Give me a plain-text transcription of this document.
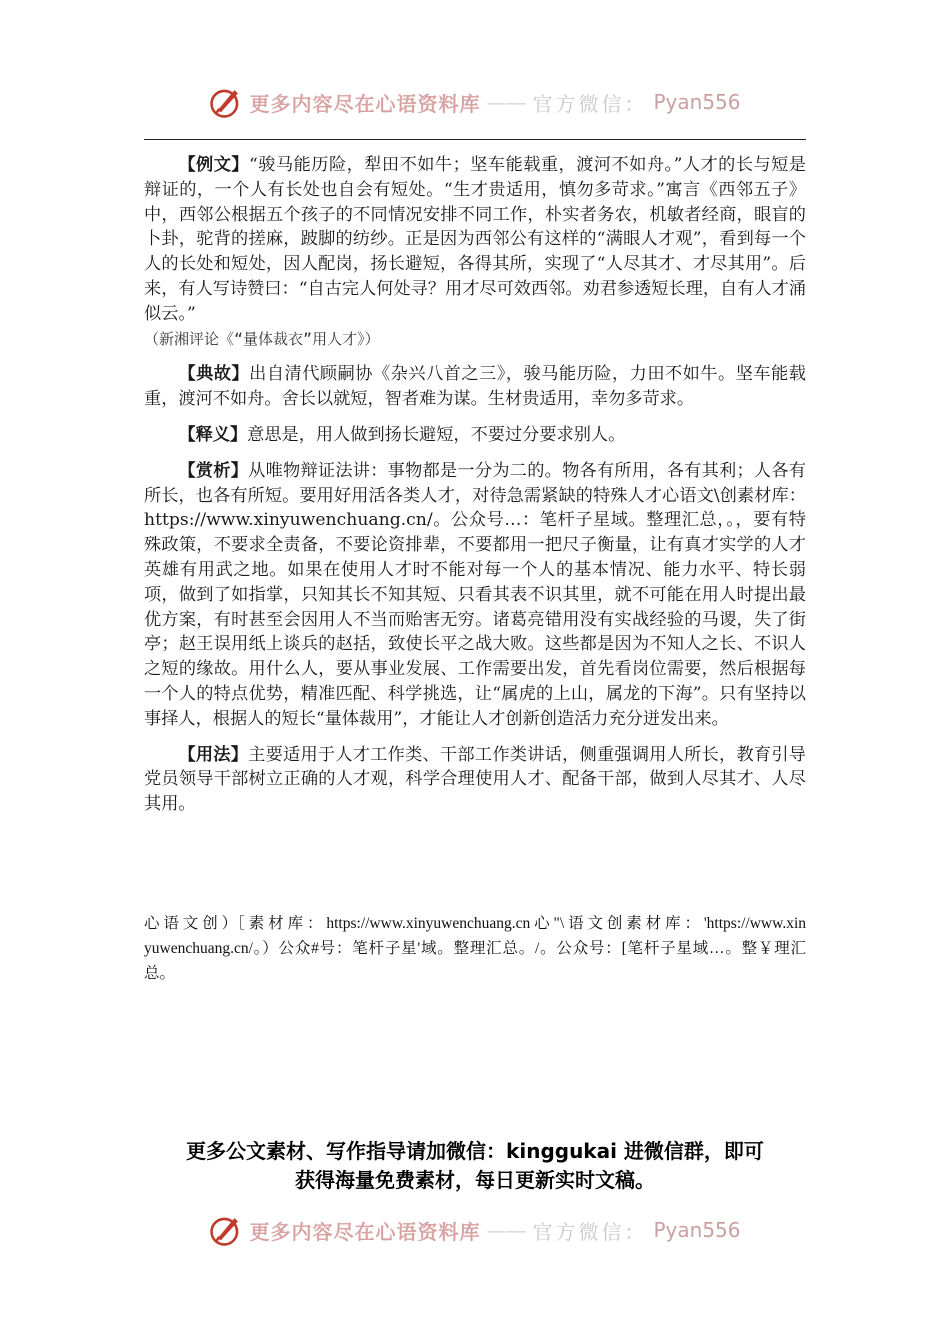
更多内容尽在心语资料库 —— 官方微信： Pyan556

【例文】“骏马能历险，犁田不如牛；坚车能载重，渡河不如舟。”人才的长与短是辩证的，一个人有长处也自会有短处。“生才贵适用，慎勿多苛求。”寓言《西邻五子》中，西邻公根据五个孩子的不同情况安排不同工作，朴实者务农，机敏者经商，眼盲的卜卦，驼背的搓麻，跛脚的纺纱。正是因为西邻公有这样的“满眼人才观”，看到每一个人的长处和短处，因人配岗，扬长避短，各得其所，实现了“人尽其才、才尽其用”。后来，有人写诗赞曰：“自古完人何处寻？用才尽可效西邻。劝君参透短长理，自有人才涌似云。”
（新湘评论《“量体裁衣”用人才》）

【典故】出自清代顾嗣协《杂兴八首之三》，骏马能历险，力田不如牛。坚车能载重，渡河不如舟。舍长以就短，智者难为谋。生材贵适用，幸勿多苛求。

【释义】意思是，用人做到扬长避短，不要过分要求别人。

【赏析】从唯物辩证法讲：事物都是一分为二的。物各有所用，各有其利；人各有所长，也各有所短。要用好用活各类人才，对待急需紧缺的特殊人才心语文\创素材库：https://www.xinyuwenchuang.cn/。公众号…：笔杆子星域。整理汇总，。，要有特殊政策，不要求全责备，不要论资排辈，不要都用一把尺子衡量，让有真才实学的人才英雄有用武之地。如果在使用人才时不能对每一个人的基本情况、能力水平、特长弱项，做到了如指掌，只知其长不知其短、只看其表不识其里，就不可能在用人时提出最优方案，有时甚至会因用人不当而贻害无穷。诸葛亮错用没有实战经验的马谡，失了街亭；赵王误用纸上谈兵的赵括，致使长平之战大败。这些都是因为不知人之长、不识人之短的缘故。用什么人，要从事业发展、工作需要出发，首先看岗位需要，然后根据每一个人的特点优势，精准匹配、科学挑选，让“属虎的上山，属龙的下海”。只有坚持以事择人，根据人的短长“量体裁用”，才能让人才创新创造活力充分迸发出来。

【用法】主要适用于人才工作类、干部工作类讲话，侧重强调用人所长，教育引导党员领导干部树立正确的人才观，科学合理使用人才、配备干部，做到人尽其才、人尽其用。

心 语 文 创 ）［ 素 材 库 ： https://www.xinyuwenchuang.cn 心 "\ 语 文 创 素 材 库 ： 'https://www.xinyuwenchuang.cn/。）公众#号：笔杆子星'域。整理汇总。/。公众号：[笔杆子星域…。整￥理汇总。
更多公文素材、写作指导请加微信：kinggukai 进微信群，即可
获得海量免费素材，每日更新实时文稿。
更多内容尽在心语资料库 —— 官方微信： Pyan556
